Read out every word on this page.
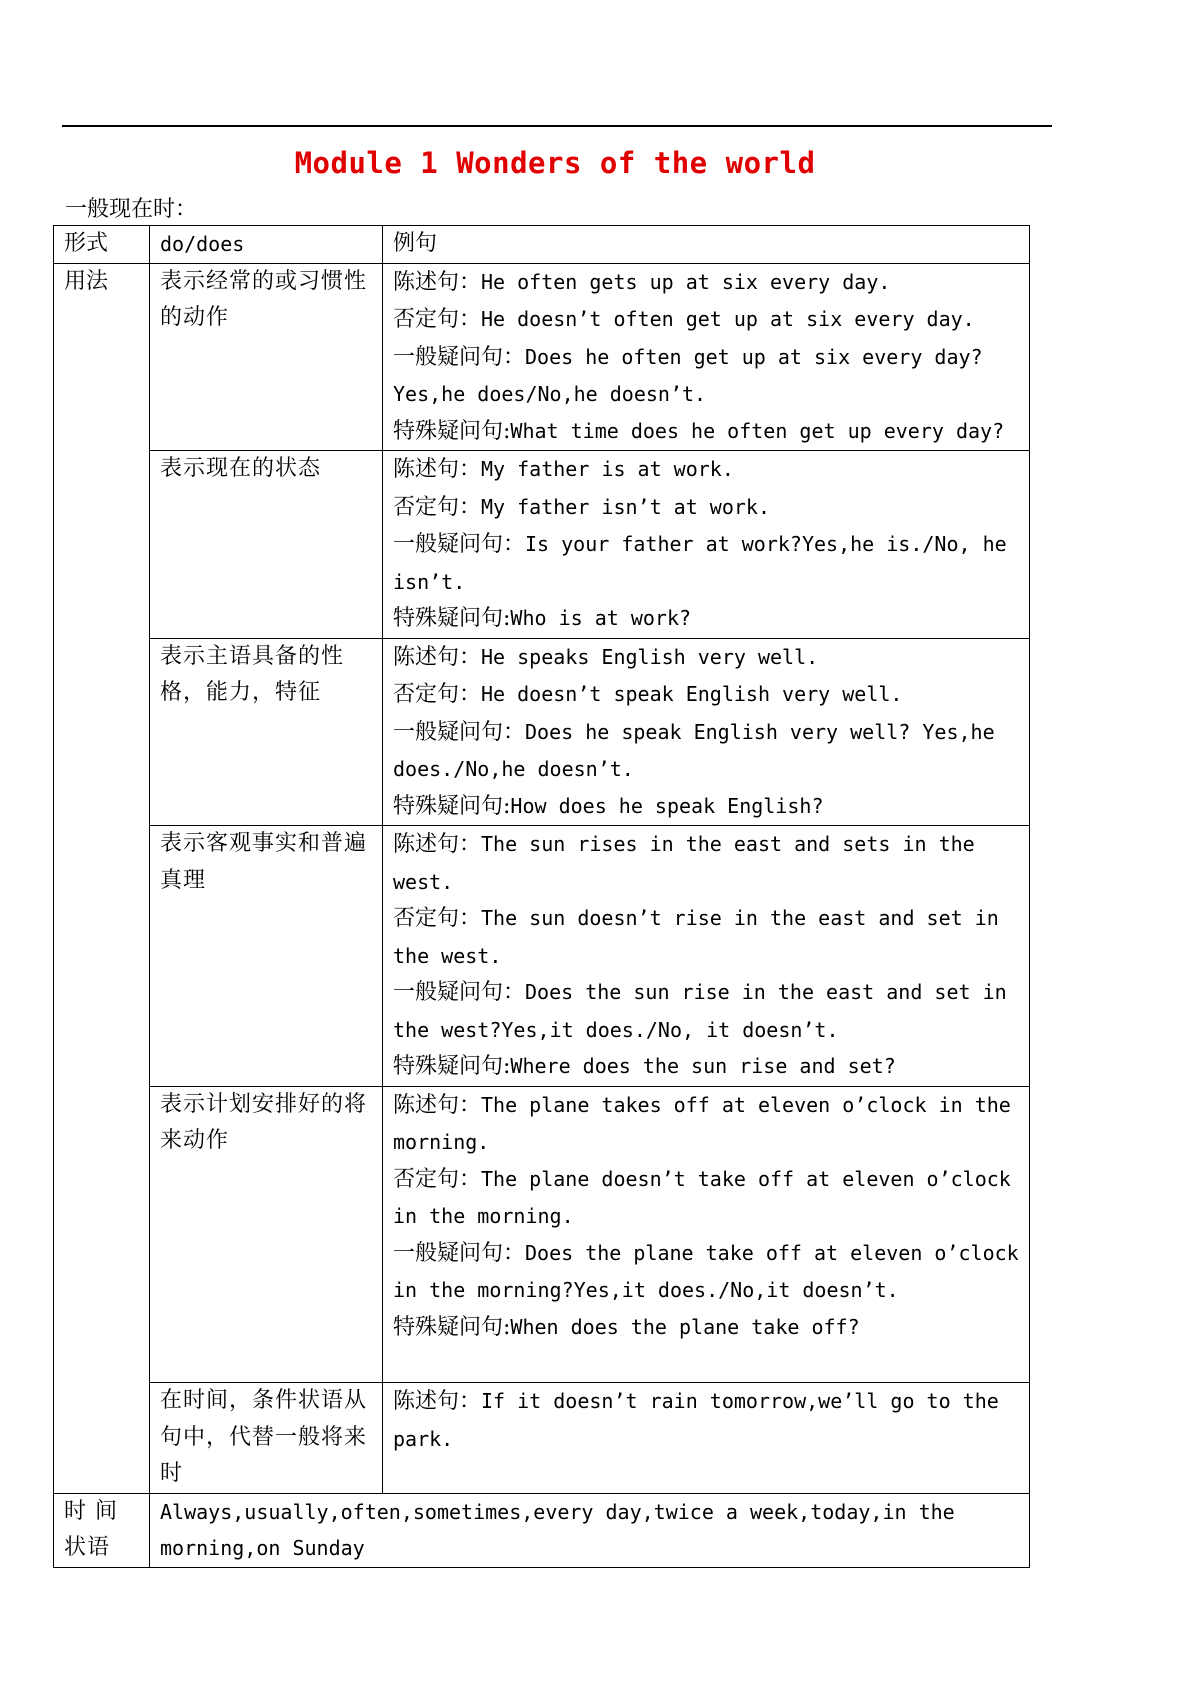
Module 1 Wonders of the world
一般现在时：
形式	do/does	例句
用法	表示经常的或习惯性的动作	陈述句：He often gets up at six every day.
否定句：He doesn’t often get up at six every day.
一般疑问句：Does he often get up at six every day?Yes,he does/No,he doesn’t.
特殊疑问句:What time does he often get up every day?

	表示现在的状态	陈述句：My father is at work.
否定句：My father isn’t at work.
一般疑问句：Is your father at work?Yes,he is./No, he isn’t.
特殊疑问句:Who is at work?

	表示主语具备的性格，能力，特征	陈述句：He speaks English very well.
否定句：He doesn’t speak English very well.
一般疑问句：Does he speak English very well? Yes,he does./No,he doesn’t.
特殊疑问句:How does he speak English?

	表示客观事实和普遍真理	陈述句：The sun rises in the east and sets in the west.
否定句：The sun doesn’t rise in the east and set in the west.
一般疑问句：Does the sun rise in the east and set in the west?Yes,it does./No, it doesn’t.
特殊疑问句:Where does the sun rise and set?

	表示计划安排好的将来动作	陈述句：The plane takes off at eleven o’clock in the morning.
否定句：The plane doesn’t take off at eleven o’clock in the morning.
一般疑问句：Does the plane take off at eleven o’clock in the morning?Yes,it does./No,it doesn’t.
特殊疑问句:When does the plane take off?

	在时间，条件状语从句中，代替一般将来时	陈述句：If it doesn’t rain tomorrow,we’ll go to the park.

时 间状语	Always,usually,often,sometimes,every day,twice a week,today,in the morning,on Sunday	
